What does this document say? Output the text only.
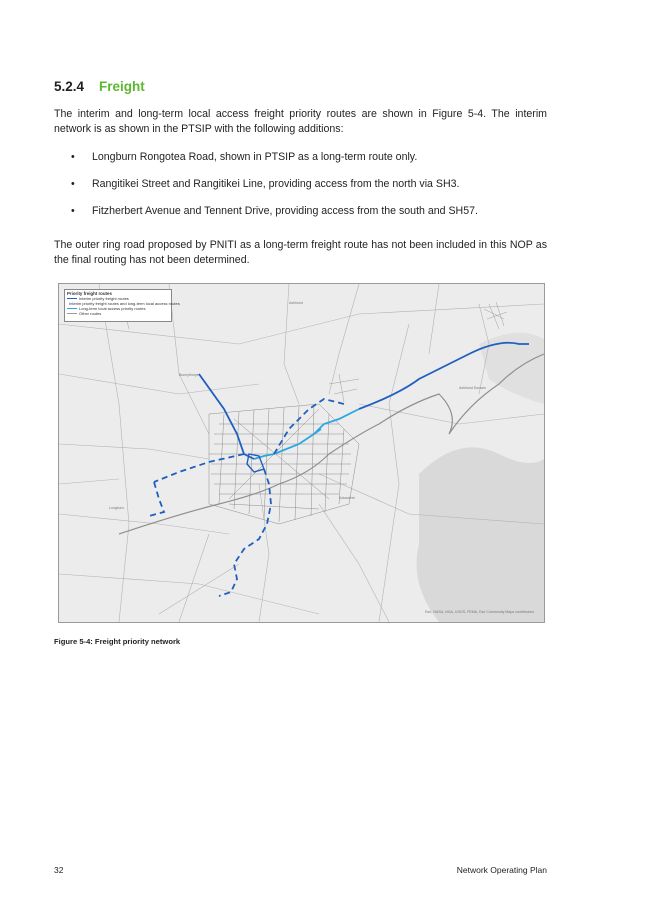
5.2.4 Freight
The interim and long-term local access freight priority routes are shown in Figure 5-4. The interim network is as shown in the PTSIP with the following additions:
• Longburn Rongotea Road, shown in PTSIP as a long-term route only.
• Rangitikei Street and Rangitikei Line, providing access from the north via SH3.
• Fitzherbert Avenue and Tennent Drive, providing access from the south and SH57.
The outer ring road proposed by PNITI as a long-term freight route has not been included in this NOP as the final routing has not been determined.
Bunnythorpe
Ashhurst
Longburn
Aokautere
Ashhurst Domain
Priority freight routes
Interim priority freight routes
Interim priority freight routes and long-term local access routes
Long-term local access priority routes
Other routes
Esri, NASA, NGA, USGS, FEMA, Esri Community Maps contributors
Figure 5-4: Freight priority network
32	Network Operating Plan
